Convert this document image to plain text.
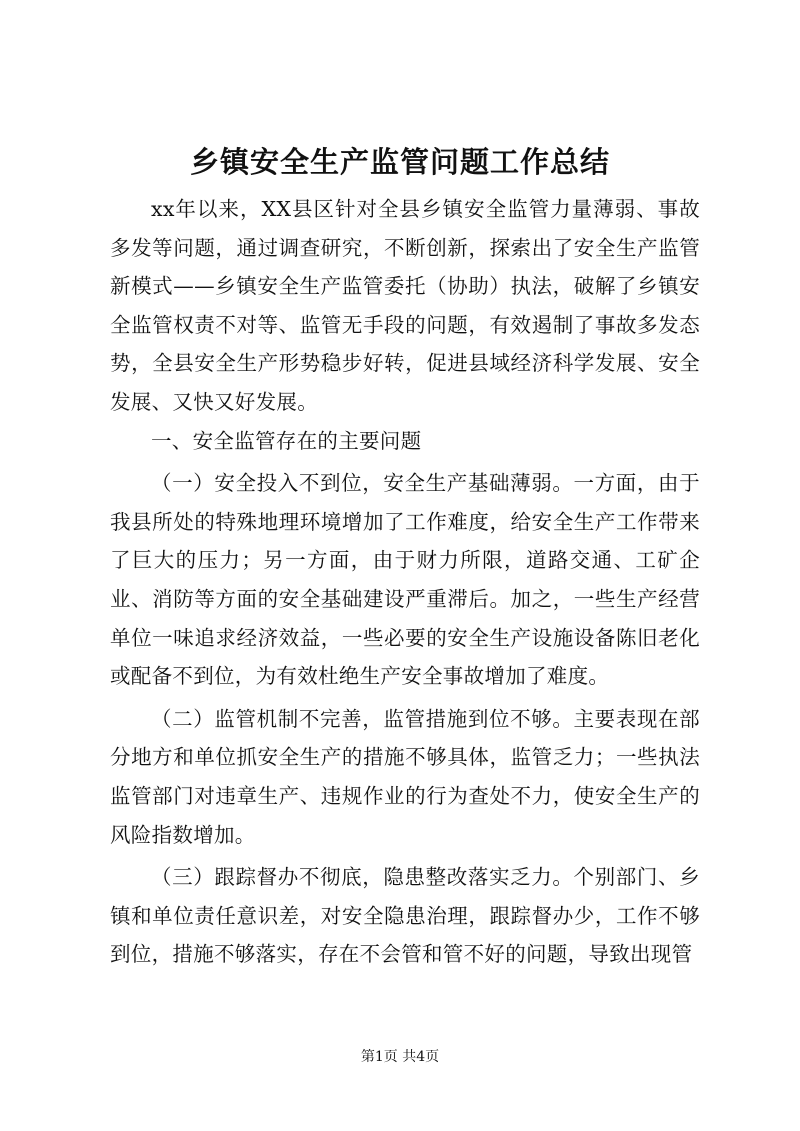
乡镇安全生产监管问题工作总结

xx年以来，XX县区针对全县乡镇安全监管力量薄弱、事故多发等问题，通过调查研究，不断创新，探索出了安全生产监管新模式——乡镇安全生产监管委托（协助）执法，破解了乡镇安全监管权责不对等、监管无手段的问题，有效遏制了事故多发态势，全县安全生产形势稳步好转，促进县域经济科学发展、安全发展、又快又好发展。

一、安全监管存在的主要问题

（一）安全投入不到位，安全生产基础薄弱。一方面，由于我县所处的特殊地理环境增加了工作难度，给安全生产工作带来了巨大的压力；另一方面，由于财力所限，道路交通、工矿企业、消防等方面的安全基础建设严重滞后。加之，一些生产经营单位一味追求经济效益，一些必要的安全生产设施设备陈旧老化或配备不到位，为有效杜绝生产安全事故增加了难度。

（二）监管机制不完善，监管措施到位不够。主要表现在部分地方和单位抓安全生产的措施不够具体，监管乏力；一些执法监管部门对违章生产、违规作业的行为查处不力，使安全生产的风险指数增加。

（三）跟踪督办不彻底，隐患整改落实乏力。个别部门、乡镇和单位责任意识差，对安全隐患治理，跟踪督办少，工作不够到位，措施不够落实，存在不会管和管不好的问题，导致出现管

第1页 共4页
